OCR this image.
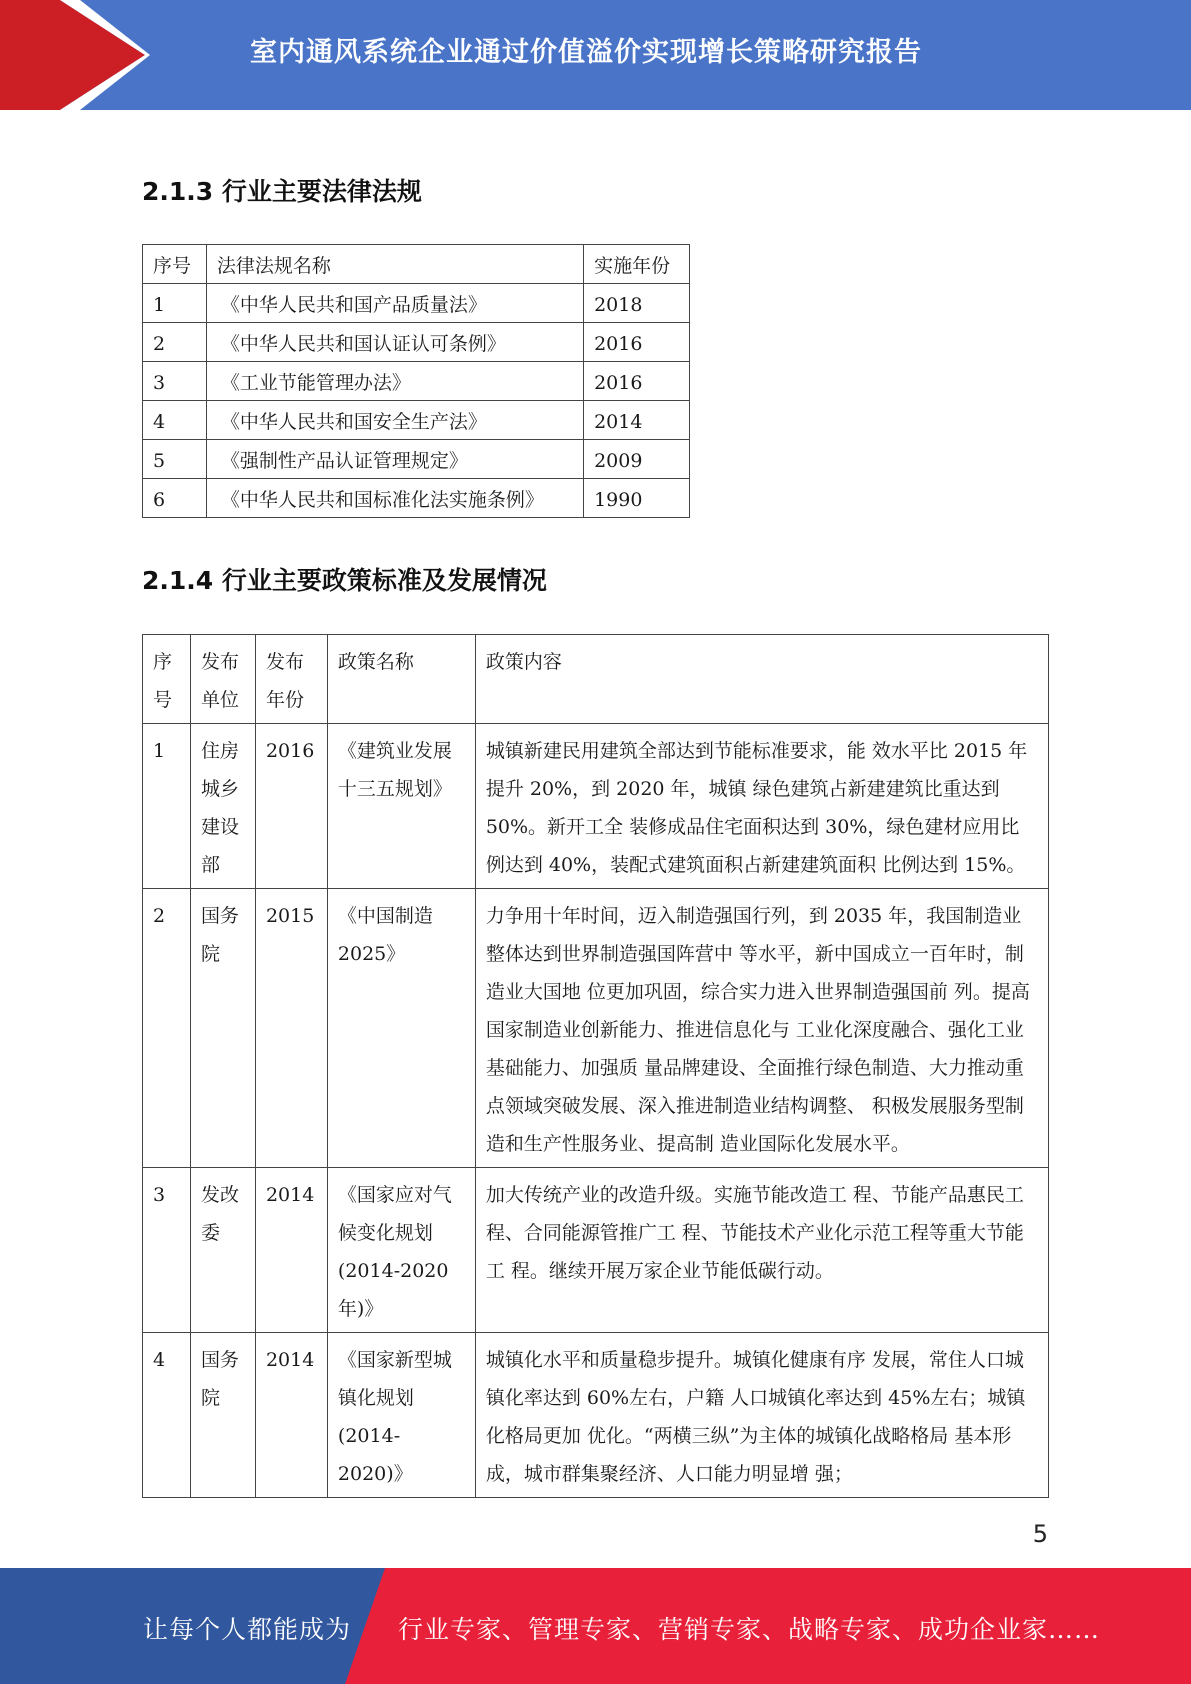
室内通风系统企业通过价值溢价实现增长策略研究报告
2.1.3 行业主要法律法规
序号	法律法规名称	实施年份
1	《中华人民共和国产品质量法》	2018
2	《中华人民共和国认证认可条例》	2016
3	《工业节能管理办法》	2016
4	《中华人民共和国安全生产法》	2014
5	《强制性产品认证管理规定》	2009
6	《中华人民共和国标准化法实施条例》	1990
2.1.4 行业主要政策标准及发展情况
序号	发布单位	发布年份	政策名称	政策内容
1	住房城乡建设部	2016	《建筑业发展十三五规划》	城镇新建民用建筑全部达到节能标准要求，能 效水平比 2015 年提升 20%，到 2020 年，城镇 绿色建筑占新建建筑比重达到 50%。新开工全 装修成品住宅面积达到 30%，绿色建材应用比 例达到 40%，装配式建筑面积占新建建筑面积 比例达到 15%。
2	国务院	2015	《中国制造 2025》	力争用十年时间，迈入制造强国行列，到 2035 年，我国制造业整体达到世界制造强国阵营中 等水平，新中国成立一百年时，制造业大国地 位更加巩固，综合实力进入世界制造强国前 列。提高国家制造业创新能力、推进信息化与 工业化深度融合、强化工业基础能力、加强质 量品牌建设、全面推行绿色制造、大力推动重 点领域突破发展、深入推进制造业结构调整、 积极发展服务型制造和生产性服务业、提高制 造业国际化发展水平。
3	发改委	2014	《国家应对气候变化规划 (2014-2020 年)》	加大传统产业的改造升级。实施节能改造工 程、节能产品惠民工程、合同能源管推广工 程、节能技术产业化示范工程等重大节能工 程。继续开展万家企业节能低碳行动。
4	国务院	2014	《国家新型城镇化规划 (2014-2020)》	城镇化水平和质量稳步提升。城镇化健康有序 发展，常住人口城镇化率达到 60%左右，户籍 人口城镇化率达到 45%左右；城镇化格局更加 优化。“两横三纵”为主体的城镇化战略格局 基本形成，城市群集聚经济、人口能力明显增 强；
5
让每个人都能成为 行业专家、管理专家、营销专家、战略专家、成功企业家……
